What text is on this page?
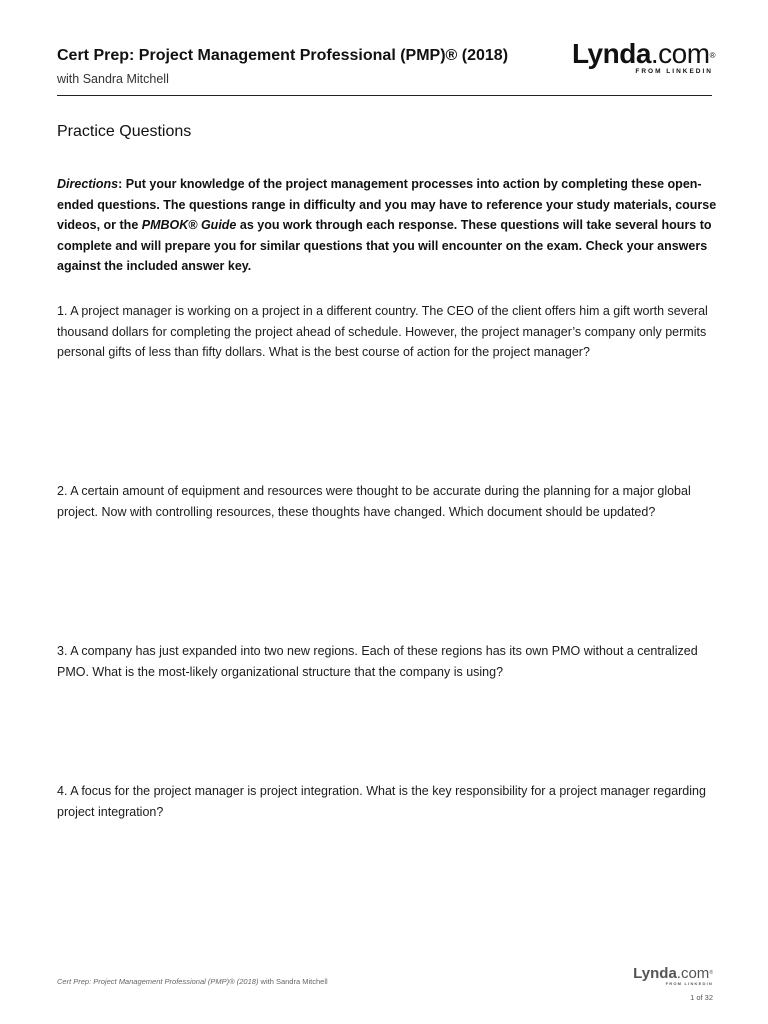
Cert Prep: Project Management Professional (PMP)® (2018)
with Sandra Mitchell
Lynda.com®
FROM LINKEDIN
Practice Questions
Directions: Put your knowledge of the project management processes into action by completing these open-ended questions. The questions range in difficulty and you may have to reference your study materials, course videos, or the PMBOK® Guide as you work through each response. These questions will take several hours to complete and will prepare you for similar questions that you will encounter on the exam. Check your answers against the included answer key.
1. A project manager is working on a project in a different country. The CEO of the client offers him a gift worth several thousand dollars for completing the project ahead of schedule. However, the project manager’s company only permits personal gifts of less than fifty dollars. What is the best course of action for the project manager?
2. A certain amount of equipment and resources were thought to be accurate during the planning for a major global project. Now with controlling resources, these thoughts have changed. Which document should be updated?
3. A company has just expanded into two new regions. Each of these regions has its own PMO without a centralized PMO. What is the most-likely organizational structure that the company is using?
4. A focus for the project manager is project integration. What is the key responsibility for a project manager regarding project integration?
Cert Prep: Project Management Professional (PMP)® (2018) with Sandra Mitchell	Lynda.com®
FROM LINKEDIN
1 of 32
